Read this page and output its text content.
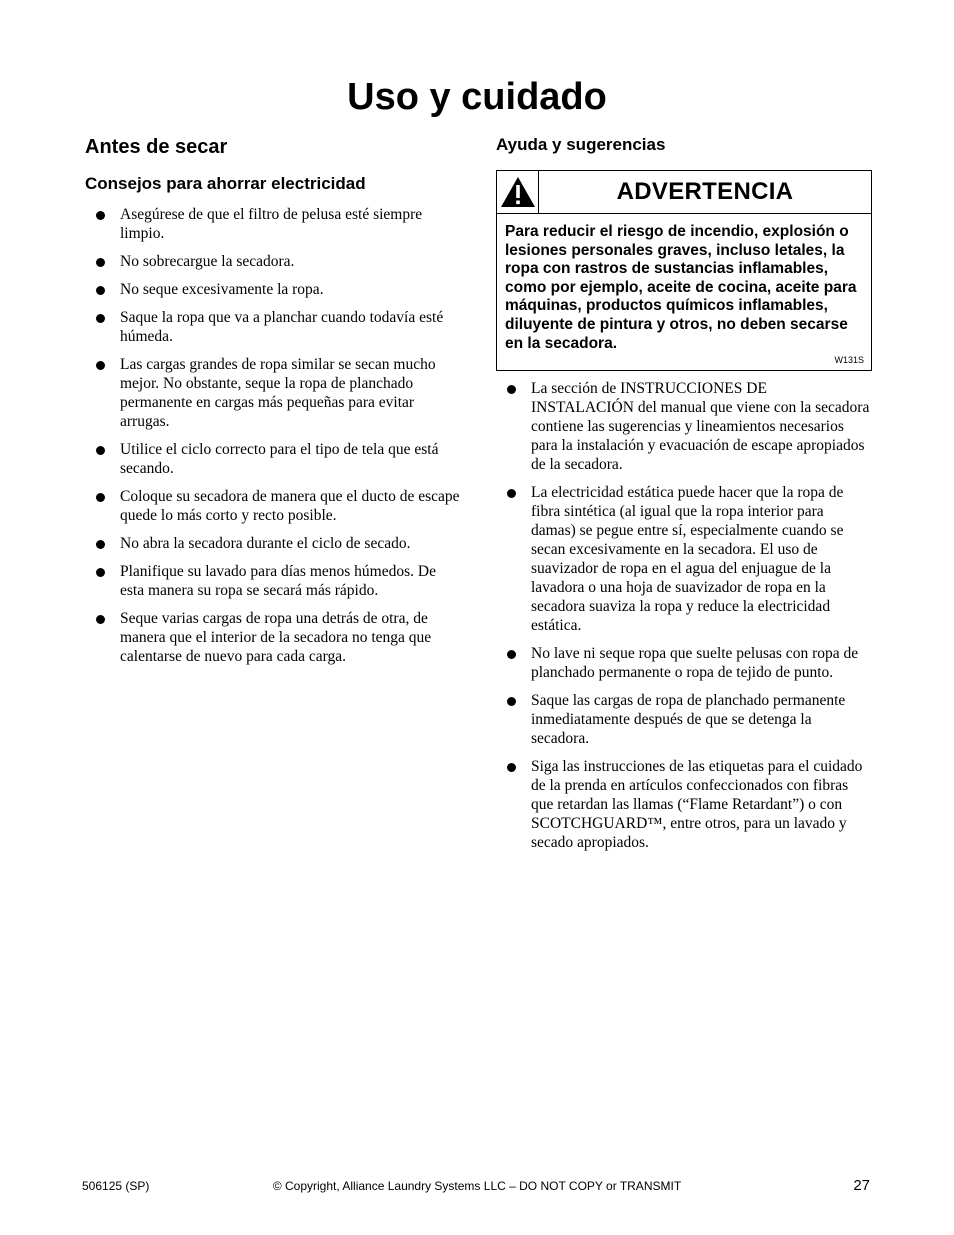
Uso y cuidado
Antes de secar
Consejos para ahorrar electricidad
Asegúrese de que el filtro de pelusa esté siempre limpio.
No sobrecargue la secadora.
No seque excesivamente la ropa.
Saque la ropa que va a planchar cuando todavía esté húmeda.
Las cargas grandes de ropa similar se secan mucho mejor. No obstante, seque la ropa de planchado permanente en cargas más pequeñas para evitar arrugas.
Utilice el ciclo correcto para el tipo de tela que está secando.
Coloque su secadora de manera que el ducto de escape quede lo más corto y recto posible.
No abra la secadora durante el ciclo de secado.
Planifique su lavado para días menos húmedos. De esta manera su ropa se secará más rápido.
Seque varias cargas de ropa una detrás de otra, de manera que el interior de la secadora no tenga que calentarse de nuevo para cada carga.
Ayuda y sugerencias
ADVERTENCIA
Para reducir el riesgo de incendio, explosión o lesiones personales graves, incluso letales, la ropa con rastros de sustancias inflamables, como por ejemplo, aceite de cocina, aceite para máquinas, productos químicos inflamables, diluyente de pintura y otros, no deben secarse en la secadora.
W131S
La sección de INSTRUCCIONES DE INSTALACIÓN del manual que viene con la secadora contiene las sugerencias y lineamientos necesarios para la instalación y evacuación de escape apropiados de la secadora.
La electricidad estática puede hacer que la ropa de fibra sintética (al igual que la ropa interior para damas) se pegue entre sí, especialmente cuando se secan excesivamente en la secadora. El uso de suavizador de ropa en el agua del enjuague de la lavadora o una hoja de suavizador de ropa en la secadora suaviza la ropa y reduce la electricidad estática.
No lave ni seque ropa que suelte pelusas con ropa de planchado permanente o ropa de tejido de punto.
Saque las cargas de ropa de planchado permanente inmediatamente después de que se detenga la secadora.
Siga las instrucciones de las etiquetas para el cuidado de la prenda en artículos confeccionados con fibras que retardan las llamas (“Flame Retardant”) o con SCOTCHGUARD™, entre otros, para un lavado y secado apropiados.
506125 (SP)	© Copyright, Alliance Laundry Systems LLC – DO NOT COPY or TRANSMIT	27
